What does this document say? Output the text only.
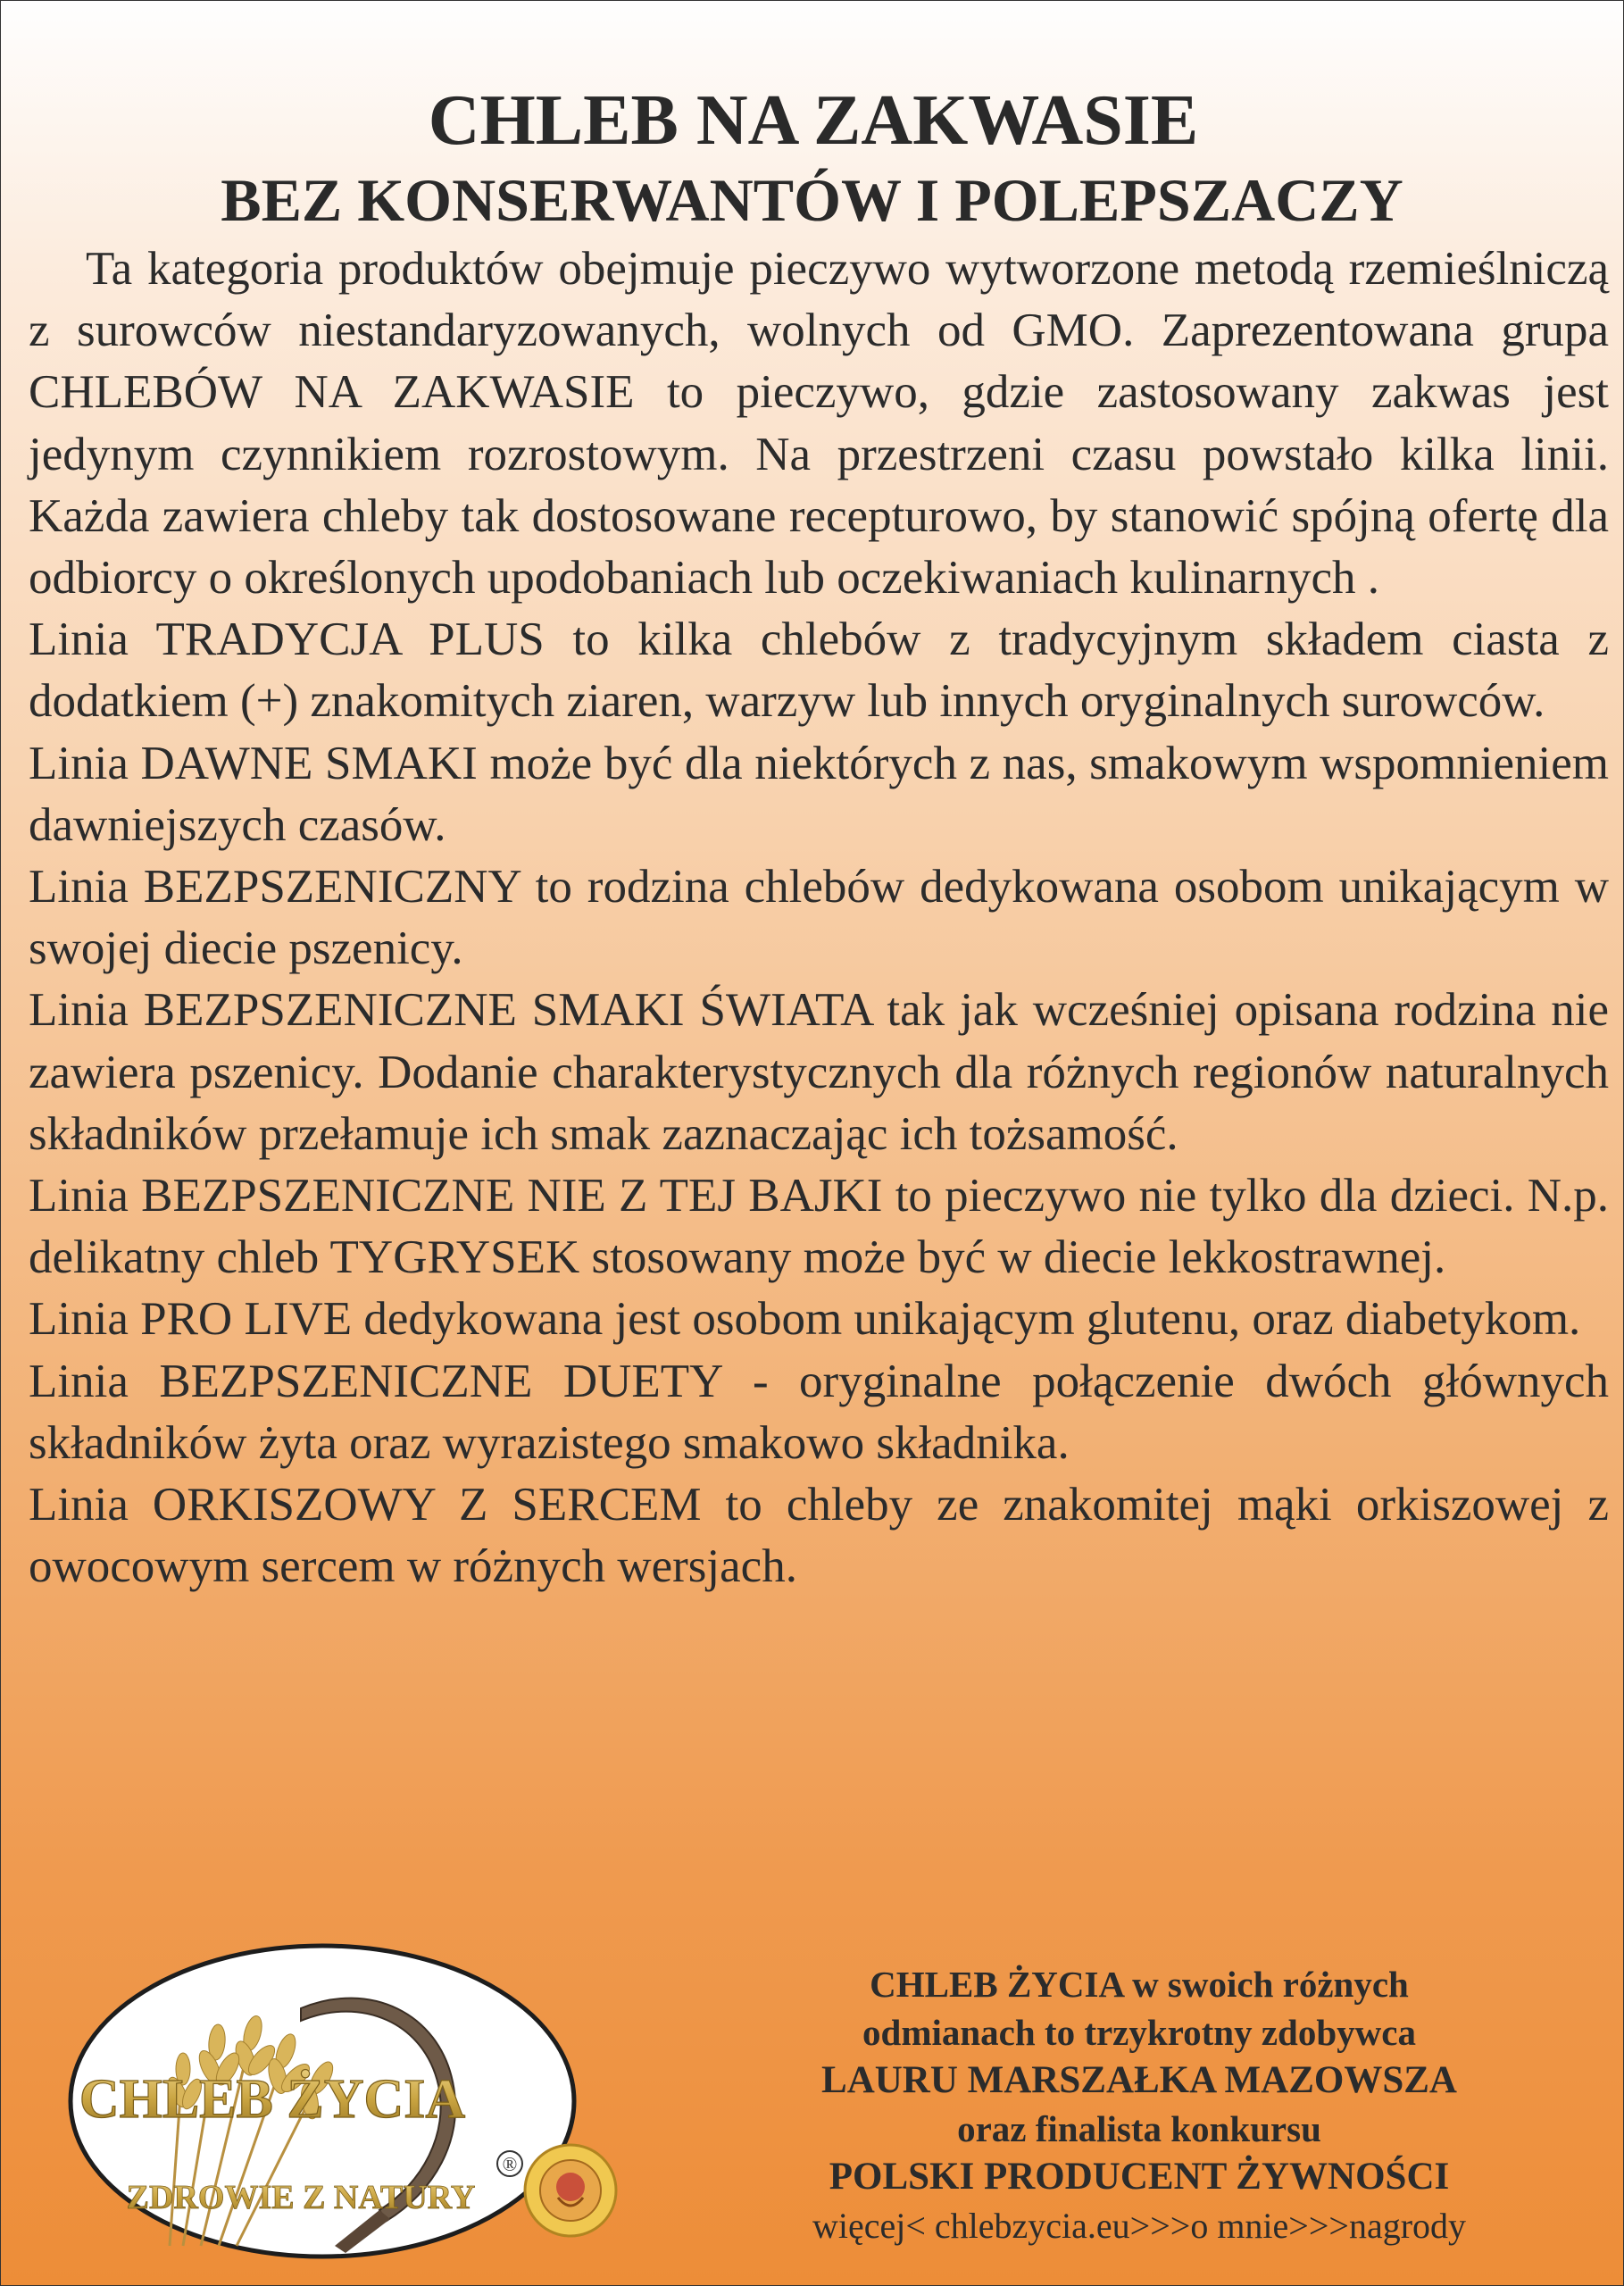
CHLEB NA ZAKWASIE
BEZ KONSERWANTÓW I POLEPSZACZY

Ta kategoria produktów obejmuje pieczywo wytworzone metodą rzemieślniczą z surowców niestandaryzowanych, wolnych od GMO. Zaprezentowana grupa CHLEBÓW NA ZAKWASIE to pieczywo, gdzie zastosowany zakwas jest jedynym czynnikiem rozrostowym. Na przestrzeni czasu powstało kilka linii. Każda zawiera chleby tak dostosowane recepturowo, by stanowić spójną ofertę dla odbiorcy o określonych upodobaniach lub oczekiwaniach kulinarnych .

Linia TRADYCJA PLUS to kilka chlebów z tradycyjnym składem ciasta z dodatkiem (+) znakomitych ziaren, warzyw lub innych oryginalnych surowców.

Linia DAWNE SMAKI może być dla niektórych z nas, smakowym wspomnieniem dawniejszych czasów.

Linia BEZPSZENICZNY to rodzina chlebów dedykowana osobom unikającym w swojej diecie pszenicy.

Linia BEZPSZENICZNE SMAKI ŚWIATA tak jak wcześniej opisana rodzina nie zawiera pszenicy. Dodanie charakterystycznych dla różnych regionów naturalnych składników przełamuje ich smak zaznaczając ich tożsamość.

Linia BEZPSZENICZNE NIE Z TEJ BAJKI to pieczywo nie tylko dla dzieci. N.p. delikatny chleb TYGRYSEK stosowany może być w diecie lekkostrawnej.

Linia PRO LIVE dedykowana jest osobom unikającym glutenu, oraz diabetykom.

Linia BEZPSZENICZNE DUETY - oryginalne połączenie dwóch głównych składników żyta oraz wyrazistego smakowo składnika.

Linia ORKISZOWY Z SERCEM to chleby ze znakomitej mąki orkiszowej z owocowym sercem w różnych wersjach.

CHLEB ŻYCIA
®
ZDROWIE Z NATURY

CHLEB ŻYCIA w swoich różnych

odmianach to trzykrotny zdobywca

LAURU MARSZAŁKA MAZOWSZA

oraz finalista konkursu

POLSKI PRODUCENT ŻYWNOŚCI

więcej< chlebzycia.eu>>>o mnie>>>nagrody
